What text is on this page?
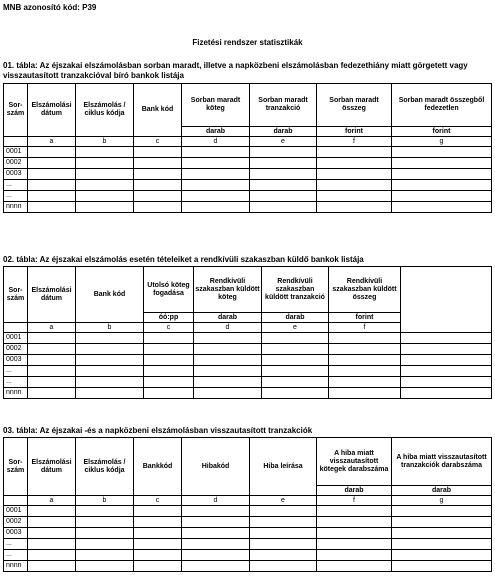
MNB azonosító kód: P39
Fizetési rendszer statisztikák
01. tábla: Az éjszakai elszámolásban sorban maradt, illetve a napközbeni elszámolásban fedezethiány miatt görgetett vagy visszautasított tranzakcióval bíró bankok listája
Sor-szám	Elszámolási dátum	Elszámolás / ciklus kódja	Bank kód	Sorban maradt köteg	Sorban maradt tranzakció	Sorban maradt összeg	Sorban maradt összegből fedezetlen
				darab	darab	forint	forint
	a	b	c	d	e	f	g
0001							
0002							
0003							
...							
...							
nnnn							
02. tábla: Az éjszakai elszámolás esetén tételeiket a rendkívüli szakaszban küldő bankok listája
Sor-szám	Elszámolási dátum	Bank kód	Utolsó köteg fogadása	Rendkívüli szakaszban küldött köteg	Rendkívüli szakaszban küldött tranzakció	Rendkívüli szakaszban küldött összeg	
			óó:pp	darab	darab	forint	
	a	b	c	d	e	f	
0001							
0002							
0003							
...							
...							
nnnn							
03. tábla: Az éjszakai -és a napközbeni elszámolásban visszautasított tranzakciók
Sor-szám	Elszámolási dátum	Elszámolás / ciklus kódja	Bankkód	Hibakód	Hiba leírása	A hiba miatt visszautasított kötegek darabszáma	A hiba miatt visszautasított tranzakciók darabszáma
						darab	darab
	a	b	c	d	e	f	g
0001							
0002							
0003							
...							
...							
nnnn							
